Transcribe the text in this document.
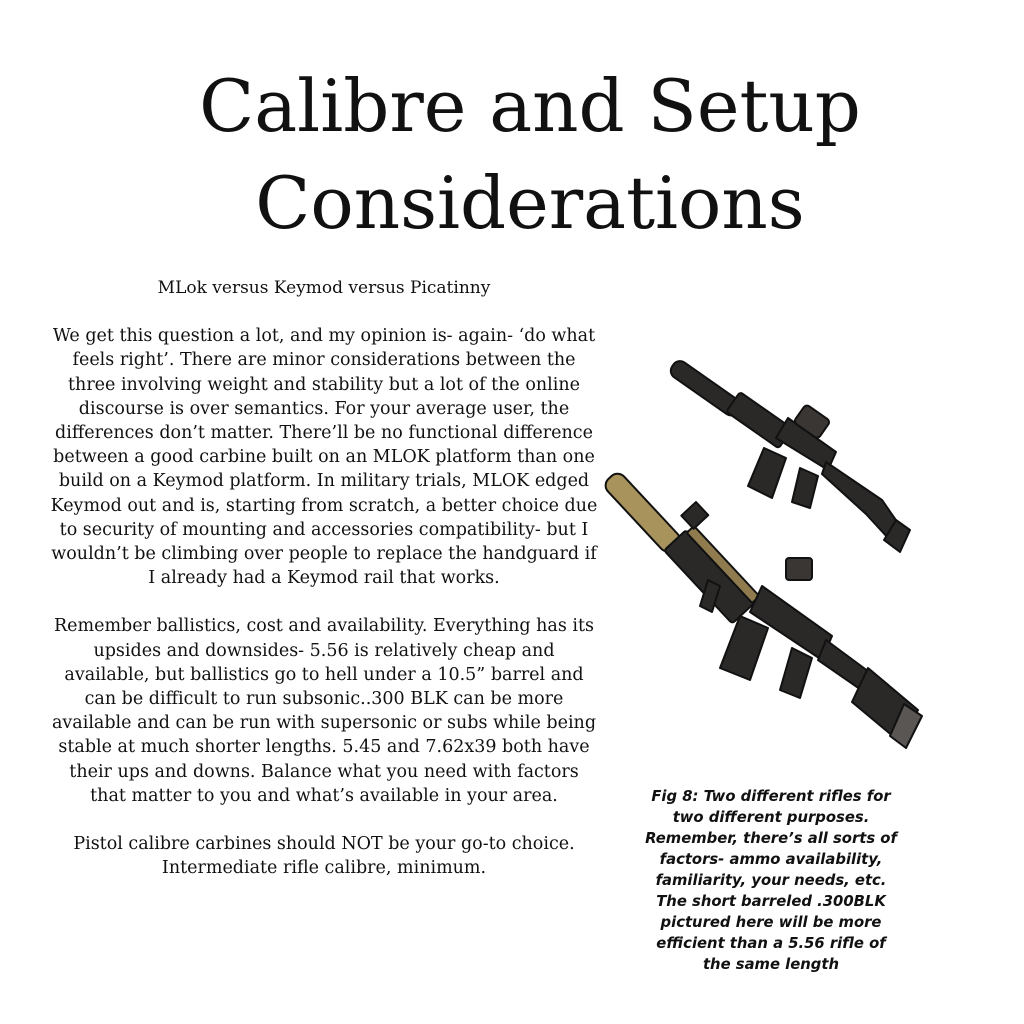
Calibre and Setup Considerations

MLok versus Keymod versus Picatinny

We get this question a lot, and my opinion is- again- ‘do what feels right’. There are minor considerations between the three involving weight and stability but a lot of the online discourse is over semantics. For your average user, the differences don’t matter. There’ll be no functional difference between a good carbine built on an MLOK platform than one build on a Keymod platform. In military trials, MLOK edged Keymod out and is, starting from scratch, a better choice due to security of mounting and accessories compatibility- but I wouldn’t be climbing over people to replace the handguard if I already had a Keymod rail that works.

Remember ballistics, cost and availability. Everything has its upsides and downsides- 5.56 is relatively cheap and available, but ballistics go to hell under a 10.5” barrel and can be difficult to run subsonic..300 BLK can be more available and can be run with supersonic or subs while being stable at much shorter lengths. 5.45 and 7.62x39 both have their ups and downs. Balance what you need with factors that matter to you and what’s available in your area.

Pistol calibre carbines should NOT be your go-to choice. Intermediate rifle calibre, minimum.

Fig 8: Two different rifles for two different purposes. Remember, there’s all sorts of factors- ammo availability, familiarity, your needs, etc. The short barreled .300BLK pictured here will be more efficient than a 5.56 rifle of the same length
